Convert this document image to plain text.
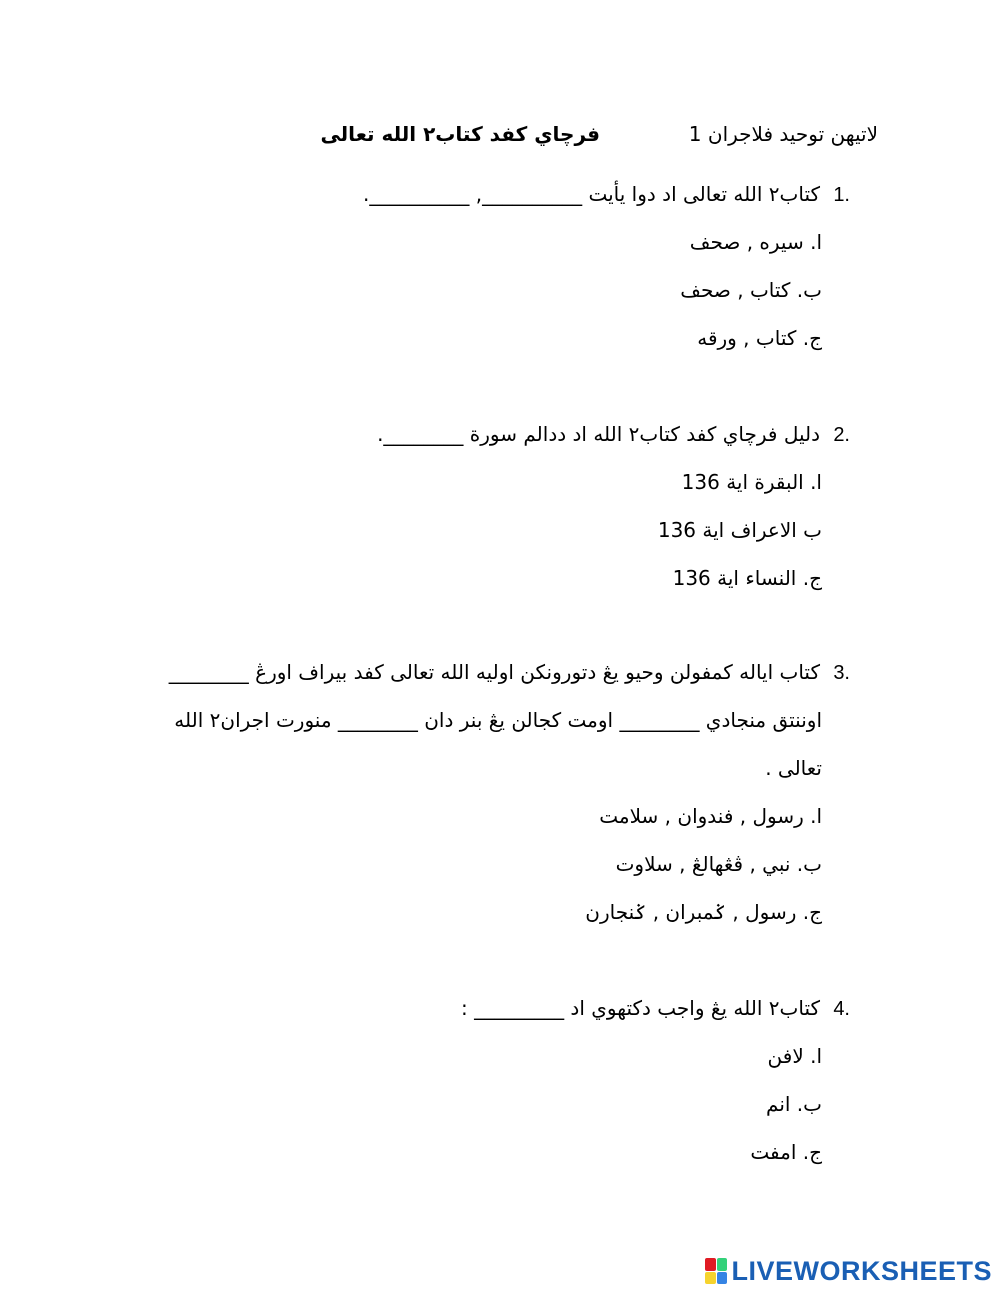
لاتيهن توحيد فلاجران 1
فرچاي كفد كتاب٢ الله تعالى
1.
كتاب٢ الله تعالى اد دوا يأيت __________, __________.
ا. سيره , صحف
ب. كتاب , صحف
ج. كتاب , ورقه
2.
دليل فرچاي كفد كتاب٢ الله اد ددالم سورة ________.
ا. البقرة اية 136
ب الاعراف اية 136
ج. النساء اية 136
3.
كتاب اياله كمفولن وحيو يڠ دتورونكن اوليه الله تعالى كفد بيراف اورڠ ________
اوننتق منجادي ________ اومت كجالن يڠ بنر دان ________ منورت اجران٢ الله
تعالى .
ا. رسول , فندوان , سلامت
ب. نبي , ڤڠهالڠ , سلاوت
ج. رسول , ݢمبران , ݢنجارن
4.
كتاب٢ الله يڠ واجب دكتهوي اد _________ :
ا. لافن
ب. انم
ج. امفت
LIVEWORKSHEETS
